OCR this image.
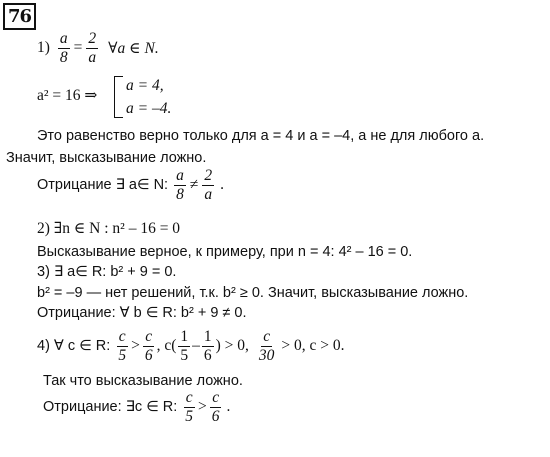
76
$1) \frac{a}{8} = \frac{2}{a}$ ∀a ∈ N.
a² = 16 ⇒
a = 4,
a = –4.
Это равенство верно только для a = 4 и a = –4, а не для любого a.
Значит, высказывание ложно.
Отрицание ∃ a∈ N: $\frac{a}{8} \ne \frac{2}{a}$ .
2) ∃n ∈ N : n² – 16 = 0
Высказывание верное, к примеру, при n = 4: 4² – 16 = 0.
3) ∃ a∈ R: b² + 9 = 0.
b² = –9 — нет решений, т.к. b² ≥ 0. Значит, высказывание ложно.
Отрицание: ∀ b ∈ R: b² + 9 ≠ 0.
4) ∀ c ∈ R: $\frac{c}{5} > \frac{c}{6}$ , $c( \frac{1}{5} - \frac{1}{6}$ ) > 0, $\frac{c}{30} > 0$, c > 0.
Так что высказывание ложно.
Отрицание: ∃c ∈ R: $\frac{c}{5} > \frac{c}{6}$ .
